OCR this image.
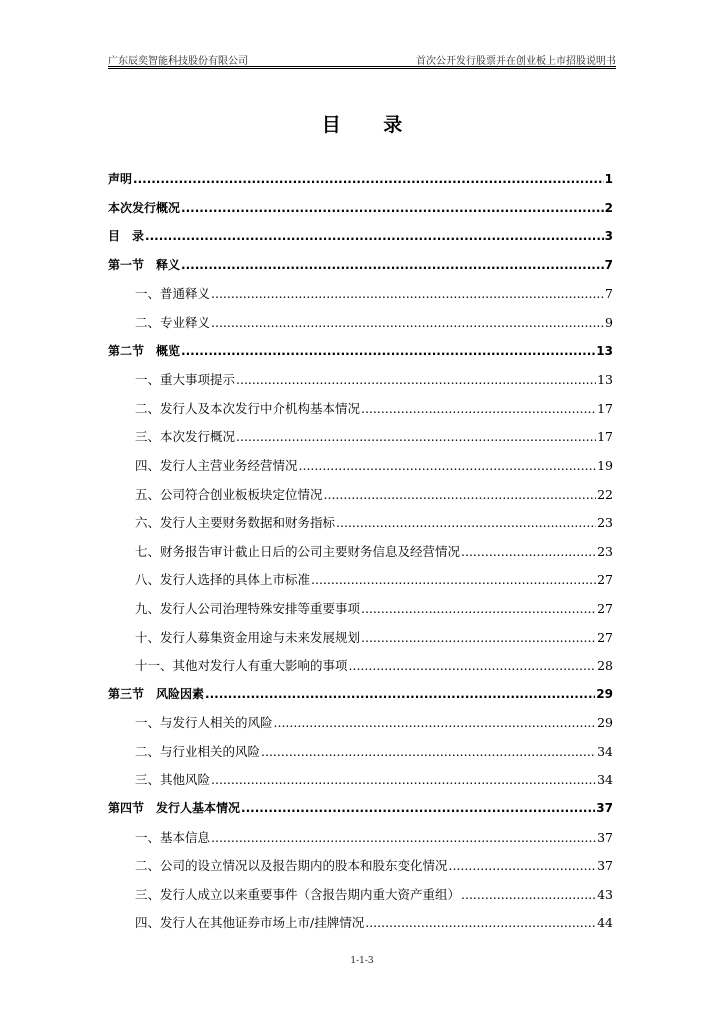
广东辰奕智能科技股份有限公司	首次公开发行股票并在创业板上市招股说明书
目 录
声明 .....	1
本次发行概况 .....	2
目　录 .....	3
第一节　释义 .....	7
一、普通释义 .....	7
二、专业释义 .....	9
第二节　概览 .....	13
一、重大事项提示 .....	13
二、发行人及本次发行中介机构基本情况 .....	17
三、本次发行概况 .....	17
四、发行人主营业务经营情况 .....	19
五、公司符合创业板板块定位情况 .....	22
六、发行人主要财务数据和财务指标 .....	23
七、财务报告审计截止日后的公司主要财务信息及经营情况 .....	23
八、发行人选择的具体上市标准 .....	27
九、发行人公司治理特殊安排等重要事项 .....	27
十、发行人募集资金用途与未来发展规划 .....	27
十一、其他对发行人有重大影响的事项 .....	28
第三节　风险因素 .....	29
一、与发行人相关的风险 .....	29
二、与行业相关的风险 .....	34
三、其他风险 .....	34
第四节　发行人基本情况 .....	37
一、基本信息 .....	37
二、公司的设立情况以及报告期内的股本和股东变化情况 .....	37
三、发行人成立以来重要事件（含报告期内重大资产重组） .....	43
四、发行人在其他证券市场上市/挂牌情况 .....	44
1-1-3
